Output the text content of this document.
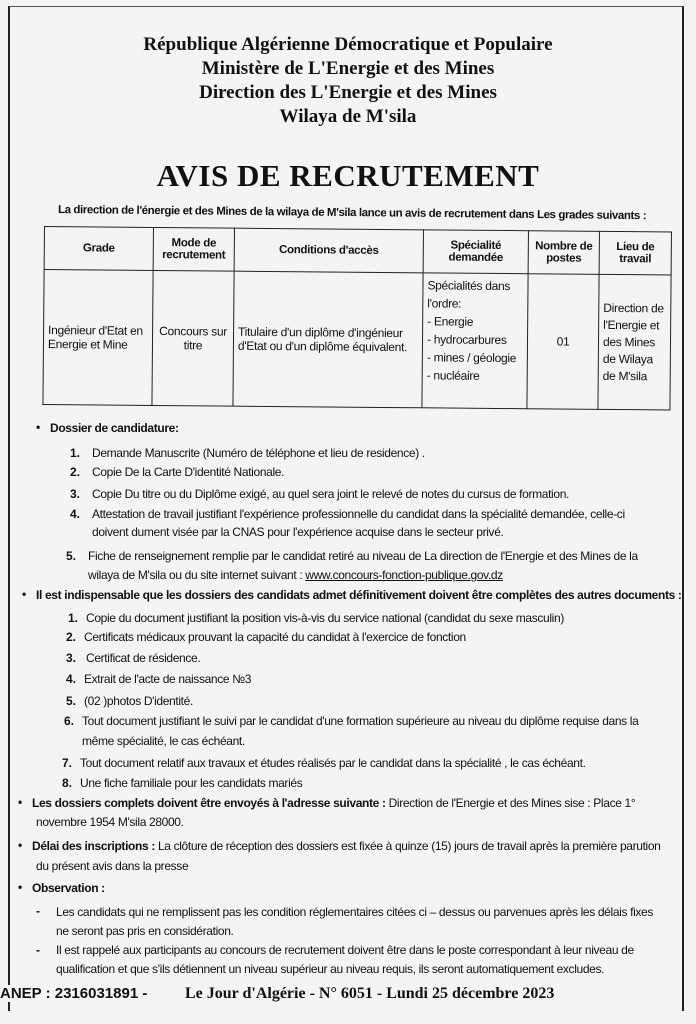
République Algérienne Démocratique et Populaire
Ministère de L'Energie et des Mines
Direction des L'Energie et des Mines
Wilaya de M'sila
AVIS DE RECRUTEMENT
La direction de l'énergie et des Mines de la wilaya de M'sila lance un avis de recrutement dans Les grades suivants :
Grade	Mode de recrutement	Conditions d'accès	Spécialité demandée	Nombre de postes	Lieu de travail
Ingénieur d'Etat en Energie et Mine	Concours sur titre	Titulaire d'un diplôme d'ingénieur d'Etat ou d'un diplôme équivalent.	Spécialités dans l'ordre:
- Energie
- hydrocarbures
- mines / géologie
- nucléaire	01	Direction de l'Energie et des Mines de Wilaya de M'sila
• Dossier de candidature:
1. Demande Manuscrite (Numéro de téléphone et lieu de residence) .
2. Copie De la Carte D'identité Nationale.
3. Copie Du titre ou du Diplôme exigé, au quel sera joint le relevé de notes du cursus de formation.
4. Attestation de travail justifiant l'expérience professionnelle du candidat dans la spécialité demandée, celle-ci
doivent dument visée par la CNAS pour l'expérience acquise dans le secteur privé.
5. Fiche de renseignement remplie par le candidat retiré au niveau de La direction de l'Energie et des Mines de la
wilaya de M'sila ou du site internet suivant : www.concours-fonction-publique.gov.dz
• Il est indispensable que les dossiers des candidats admet définitivement doivent être complètes des autres documents :
1. Copie du document justifiant la position vis-à-vis du service national (candidat du sexe masculin)
2. Certificats médicaux prouvant la capacité du candidat à l'exercice de fonction
3. Certificat de résidence.
4. Extrait de l'acte de naissance №3
5. (02 )photos D'identité.
6. Tout document justifiant le suivi par le candidat d'une formation supérieure au niveau du diplôme requise dans la
même spécialité, le cas échéant.
7. Tout document relatif aux travaux et études réalisés par le candidat dans la spécialité , le cas échéant.
8. Une fiche familiale pour les candidats mariés
• Les dossiers complets doivent être envoyés à l'adresse suivante : Direction de l'Energie et des Mines sise : Place 1°
novembre 1954 M'sila 28000.
• Délai des inscriptions : La clôture de réception des dossiers est fixée à quinze (15) jours de travail après la première parution
du présent avis dans la presse
• Observation :
- Les candidats qui ne remplissent pas les condition réglementaires citées ci – dessus ou parvenues après les délais fixes
ne seront pas pris en considération.
- Il est rappelé aux participants au concours de recrutement doivent être dans le poste correspondant à leur niveau de
qualification et que s'ils détiennent un niveau supérieur au niveau requis, ils seront automatiquement excludes.
ANEP : 2316031891 -	Le Jour d'Algérie - N° 6051 - Lundi 25 décembre 2023
